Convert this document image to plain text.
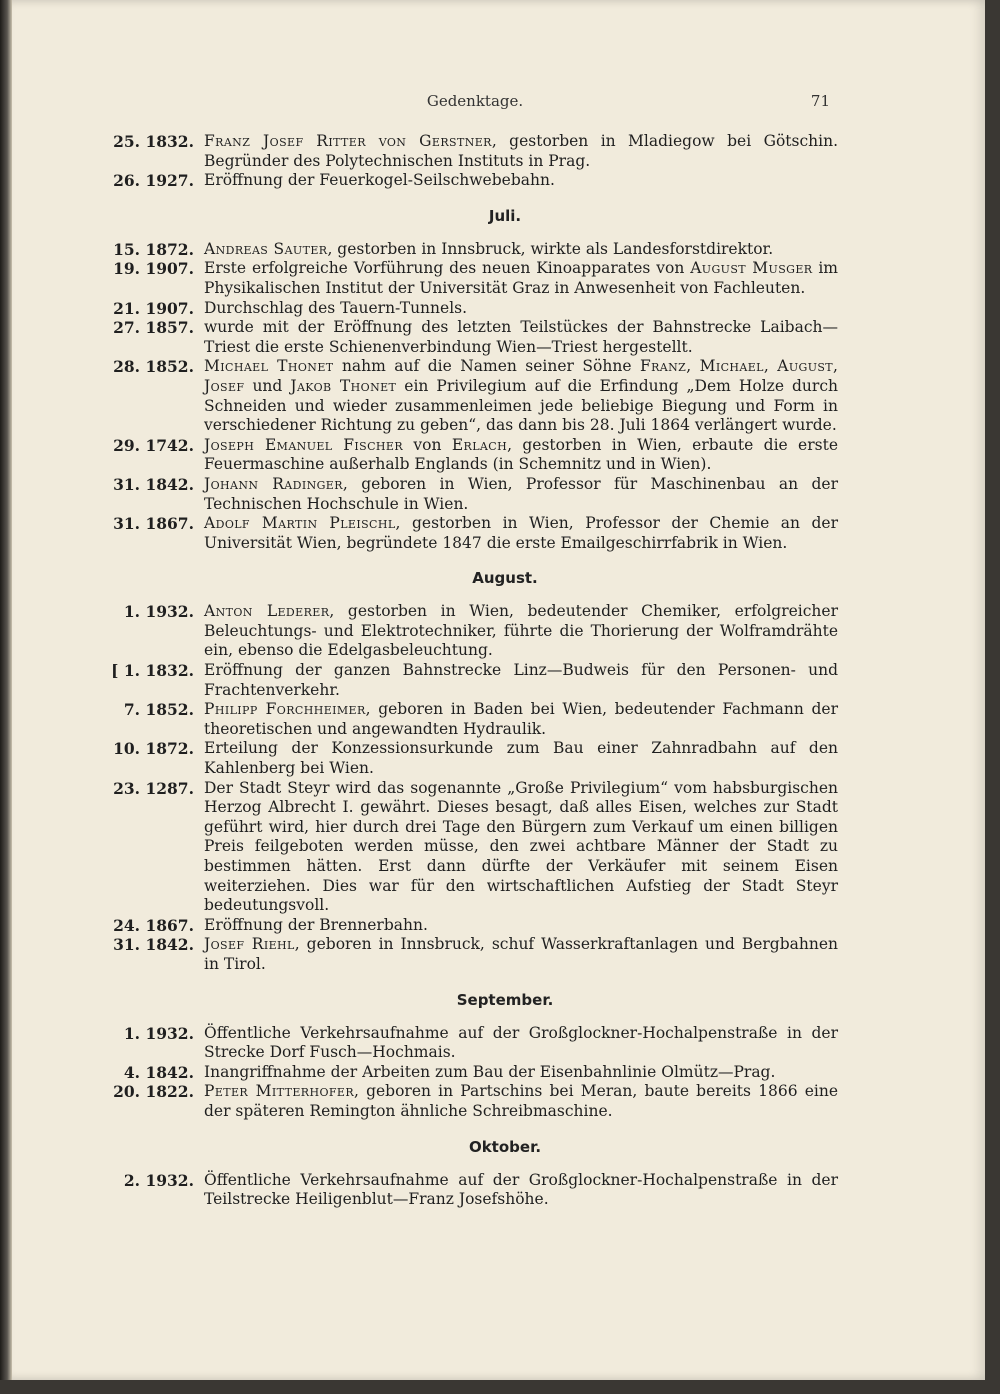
Gedenktage.	71
25. 1832. Franz Josef Ritter von Gerstner, gestorben in Mladiegow bei Götschin. Begründer des Polytechnischen Instituts in Prag.
26. 1927. Eröffnung der Feuerkogel-Seilschwebebahn.
Juli.
15. 1872. Andreas Sauter, gestorben in Innsbruck, wirkte als Landesforstdirektor.
19. 1907. Erste erfolgreiche Vorführung des neuen Kinoapparates von August Musger im Physikalischen Institut der Universität Graz in Anwesenheit von Fachleuten.
21. 1907. Durchschlag des Tauern-Tunnels.
27. 1857. wurde mit der Eröffnung des letzten Teilstückes der Bahnstrecke Laibach—Triest die erste Schienenverbindung Wien—Triest hergestellt.
28. 1852. Michael Thonet nahm auf die Namen seiner Söhne Franz, Michael, August, Josef und Jakob Thonet ein Privilegium auf die Erfindung „Dem Holze durch Schneiden und wieder zusammenleimen jede beliebige Biegung und Form in verschiedener Richtung zu geben“, das dann bis 28. Juli 1864 verlängert wurde.
29. 1742. Joseph Emanuel Fischer von Erlach, gestorben in Wien, erbaute die erste Feuermaschine außerhalb Englands (in Schemnitz und in Wien).
31. 1842. Johann Radinger, geboren in Wien, Professor für Maschinenbau an der Technischen Hochschule in Wien.
31. 1867. Adolf Martin Pleischl, gestorben in Wien, Professor der Chemie an der Universität Wien, begründete 1847 die erste Emailgeschirrfabrik in Wien.
August.
1. 1932. Anton Lederer, gestorben in Wien, bedeutender Chemiker, erfolgreicher Beleuchtungs- und Elektrotechniker, führte die Thorierung der Wolframdrähte ein, ebenso die Edelgasbeleuchtung.
[ 1. 1832. Eröffnung der ganzen Bahnstrecke Linz—Budweis für den Personen- und Frachtenverkehr.
7. 1852. Philipp Forchheimer, geboren in Baden bei Wien, bedeutender Fachmann der theoretischen und angewandten Hydraulik.
10. 1872. Erteilung der Konzessionsurkunde zum Bau einer Zahnradbahn auf den Kahlenberg bei Wien.
23. 1287. Der Stadt Steyr wird das sogenannte „Große Privilegium“ vom habsburgischen Herzog Albrecht I. gewährt. Dieses besagt, daß alles Eisen, welches zur Stadt geführt wird, hier durch drei Tage den Bürgern zum Verkauf um einen billigen Preis feilgeboten werden müsse, den zwei achtbare Männer der Stadt zu bestimmen hätten. Erst dann dürfte der Verkäufer mit seinem Eisen weiterziehen. Dies war für den wirtschaftlichen Aufstieg der Stadt Steyr bedeutungsvoll.
24. 1867. Eröffnung der Brennerbahn.
31. 1842. Josef Riehl, geboren in Innsbruck, schuf Wasserkraftanlagen und Bergbahnen in Tirol.
September.
1. 1932. Öffentliche Verkehrsaufnahme auf der Großglockner-Hochalpenstraße in der Strecke Dorf Fusch—Hochmais.
4. 1842. Inangriffnahme der Arbeiten zum Bau der Eisenbahnlinie Olmütz—Prag.
20. 1822. Peter Mitterhofer, geboren in Partschins bei Meran, baute bereits 1866 eine der späteren Remington ähnliche Schreibmaschine.
Oktober.
2. 1932. Öffentliche Verkehrsaufnahme auf der Großglockner-Hochalpenstraße in der Teilstrecke Heiligenblut—Franz Josefshöhe.
